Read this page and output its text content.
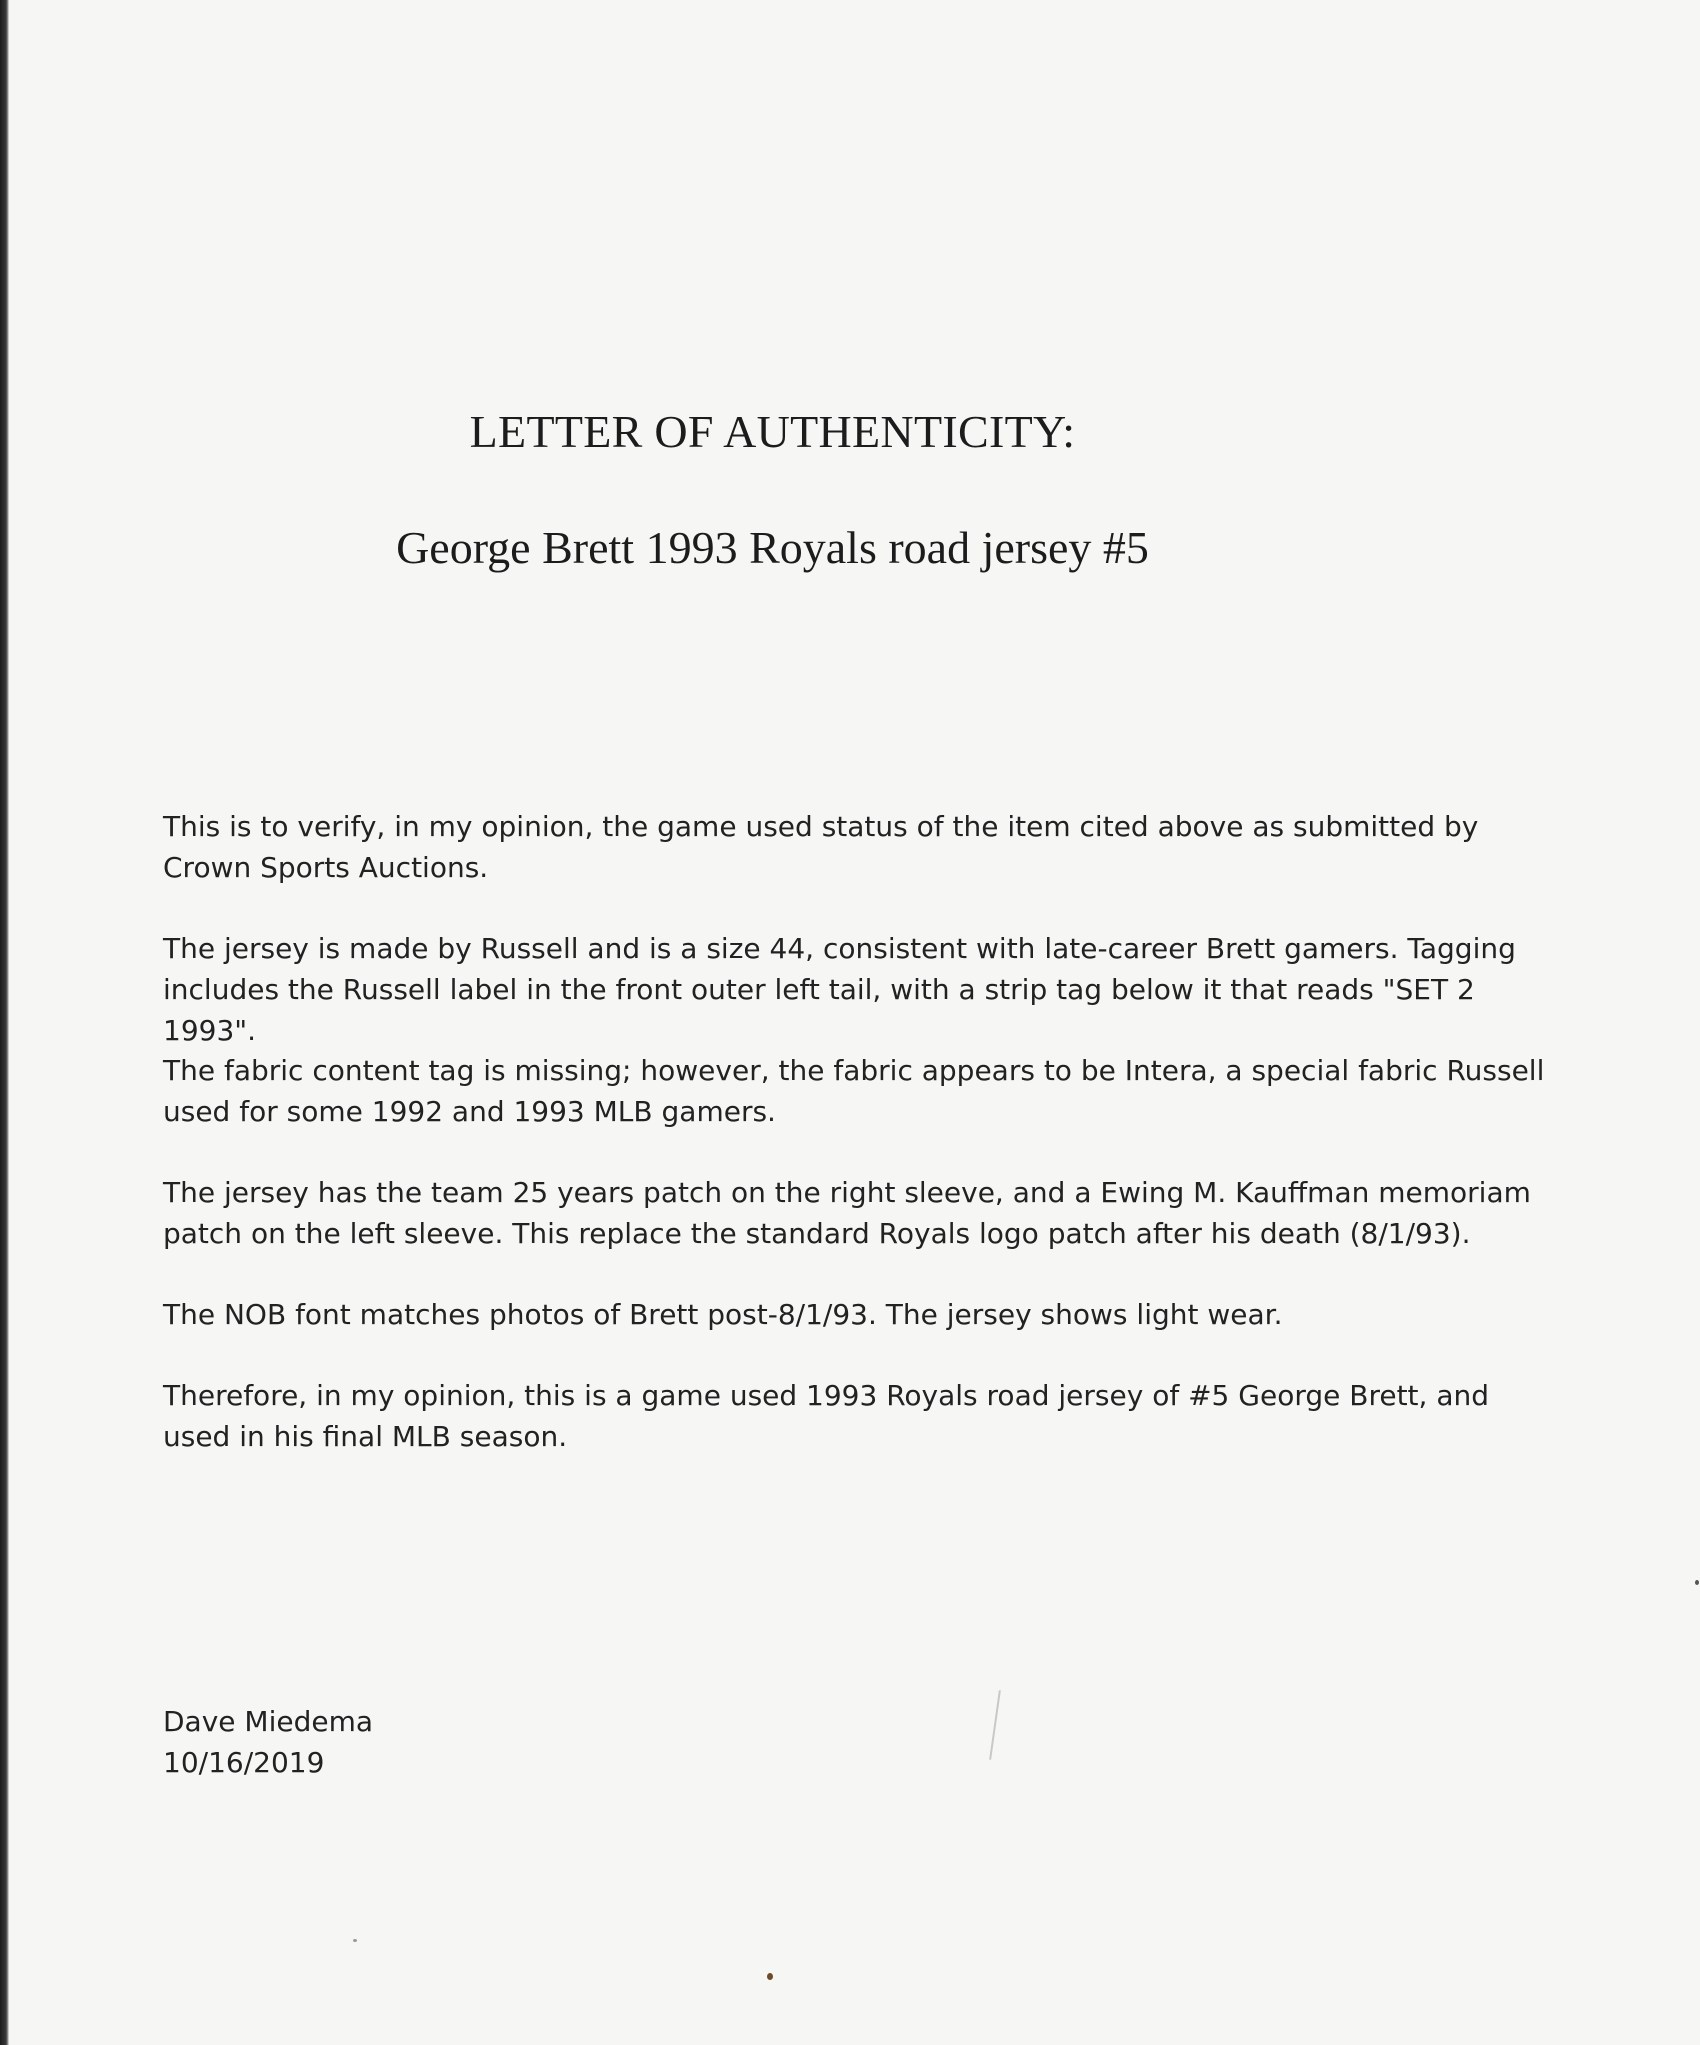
LETTER OF AUTHENTICITY:
George Brett 1993 Royals road jersey #5

This is to verify, in my opinion, the game used status of the item cited above as submitted by Crown Sports Auctions.

The jersey is made by Russell and is a size 44, consistent with late-career Brett gamers. Tagging includes the Russell label in the front outer left tail, with a strip tag below it that reads "SET 2 1993".

The fabric content tag is missing; however, the fabric appears to be Intera, a special fabric Russell used for some 1992 and 1993 MLB gamers.

The jersey has the team 25 years patch on the right sleeve, and a Ewing M. Kauffman memoriam patch on the left sleeve. This replace the standard Royals logo patch after his death (8/1/93).

The NOB font matches photos of Brett post-8/1/93. The jersey shows light wear.

Therefore, in my opinion, this is a game used 1993 Royals road jersey of #5 George Brett, and used in his final MLB season.

Dave Miedema

10/16/2019
